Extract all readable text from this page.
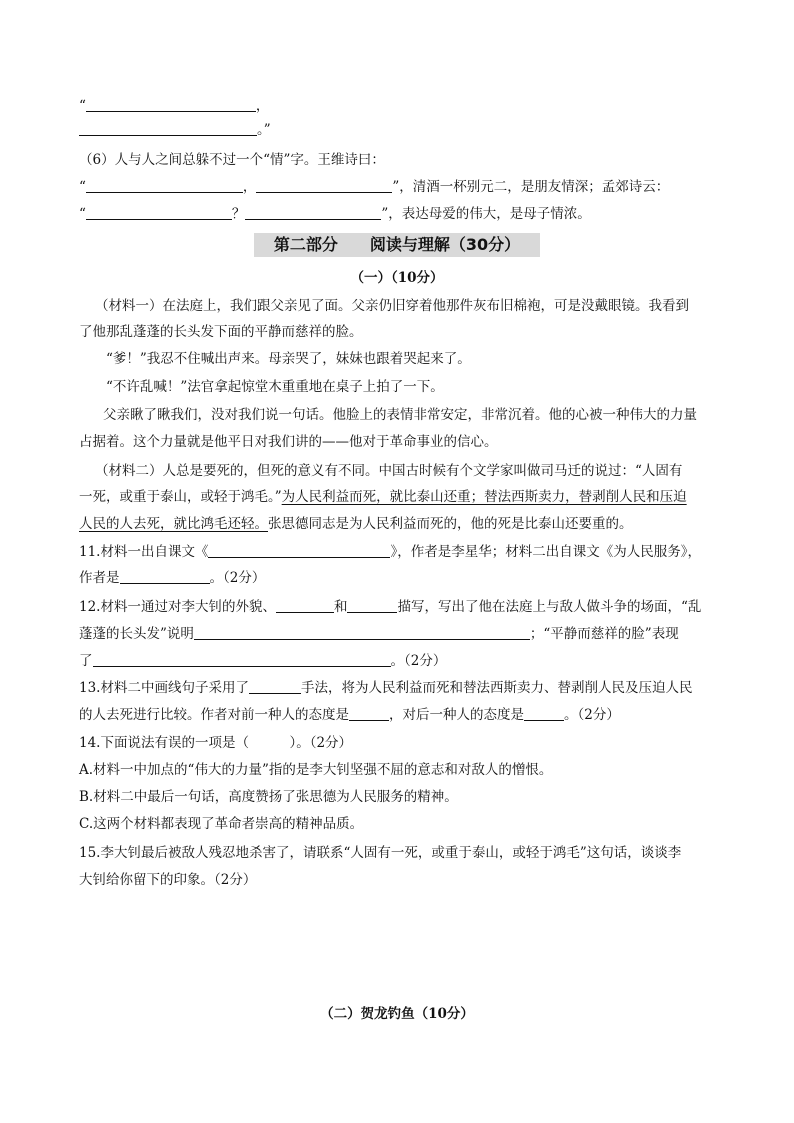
“	，
。”
（6）人与人之间总躲不过一个“情”字。王维诗曰：
“	，	”，清酒一杯别元二，是朋友情深；孟郊诗云：
“	？	”，表达母爱的伟大，是母子情浓。
第二部分　　阅读与理解（30分）
（一）（10分）
（材料一）在法庭上，我们跟父亲见了面。父亲仍旧穿着他那件灰布旧棉袍，可是没戴眼镜。我看到
了他那乱蓬蓬的长头发下面的平静而慈祥的脸。
“爹！”我忍不住喊出声来。母亲哭了，妹妹也跟着哭起来了。
“不许乱喊！”法官拿起惊堂木重重地在桌子上拍了一下。
父亲瞅了瞅我们，没对我们说一句话。他脸上的表情非常安定，非常沉着。他的心被一种伟大的力量
占据着。这个力量就是他平日对我们讲的——他对于革命事业的信心。
（材料二）人总是要死的，但死的意义有不同。中国古时候有个文学家叫做司马迁的说过：“人固有
一死，或重于泰山，或轻于鸿毛。”为人民利益而死，就比泰山还重；替法西斯卖力，替剥削人民和压迫
人民的人去死，就比鸿毛还轻。张思德同志是为人民利益而死的，他的死是比泰山还要重的。
11.材料一出自课文《	》，作者是李星华；材料二出自课文《为人民服务》，
作者是	。（2分）
12.材料一通过对李大钊的外貌、	和	描写，写出了他在法庭上与敌人做斗争的场面，“乱
蓬蓬的长头发”说明	；“平静而慈祥的脸”表现
了	。（2分）
13.材料二中画线句子采用了	手法，将为人民利益而死和替法西斯卖力、替剥削人民及压迫人民
的人去死进行比较。作者对前一种人的态度是	，对后一种人的态度是	。（2分）
14.下面说法有误的一项是（　　　）。（2分）
A.材料一中加点的“伟大的力量”指的是李大钊坚强不屈的意志和对敌人的憎恨。
B.材料二中最后一句话，高度赞扬了张思德为人民服务的精神。
C.这两个材料都表现了革命者崇高的精神品质。
15.李大钊最后被敌人残忍地杀害了，请联系“人固有一死，或重于泰山，或轻于鸿毛”这句话，谈谈李
大钊给你留下的印象。（2分）
（二）贺龙钓鱼（10分）
